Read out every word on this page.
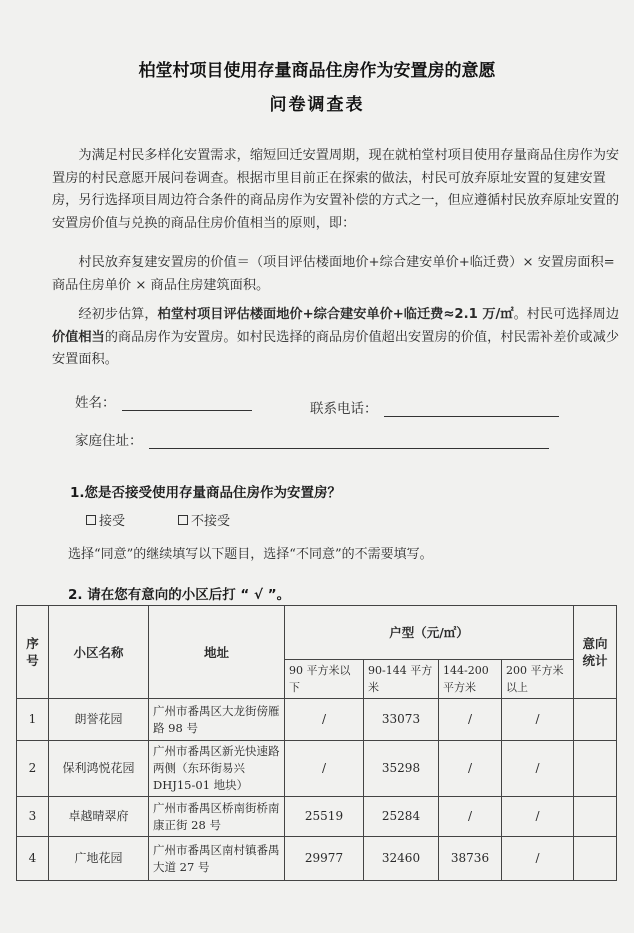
柏堂村项目使用存量商品住房作为安置房的意愿
问卷调查表
为满足村民多样化安置需求，缩短回迁安置周期，现在就柏堂村项目使用存量商品住房作为安置房的村民意愿开展问卷调查。根据市里目前正在探索的做法，村民可放弃原址安置的复建安置房，另行选择项目周边符合条件的商品房作为安置补偿的方式之一，但应遵循村民放弃原址安置的安置房价值与兑换的商品住房价值相当的原则，即：
村民放弃复建安置房的价值＝（项目评估楼面地价+综合建安单价+临迁费）× 安置房面积=商品住房单价 × 商品住房建筑面积。
经初步估算，柏堂村项目评估楼面地价+综合建安单价+临迁费≈2.1 万/㎡。村民可选择周边价值相当的商品房作为安置房。如村民选择的商品房价值超出安置房的价值，村民需补差价或减少安置面积。
姓名：	联系电话：
家庭住址：
1.您是否接受使用存量商品住房作为安置房？
接受	不接受
选择“同意”的继续填写以下题目，选择“不同意”的不需要填写。
2. 请在您有意向的小区后打 “ √ ”。
序号	小区名称	地址	户型（元/㎡）				意向统计
			90 平方米以下	90-144 平方米	144-200 平方米	200 平方米以上	
1	朗誉花园	广州市番禺区大龙街傍雁路 98 号	/	33073	/	/	
2	保利鸿悦花园	广州市番禺区新光快速路两侧（东环街易兴 DHJ15-01 地块）	/	35298	/	/	
3	卓越晴翠府	广州市番禺区桥南街桥南康正街 28 号	25519	25284	/	/	
4	广地花园	广州市番禺区南村镇番禺大道 27 号	29977	32460	38736	/	
